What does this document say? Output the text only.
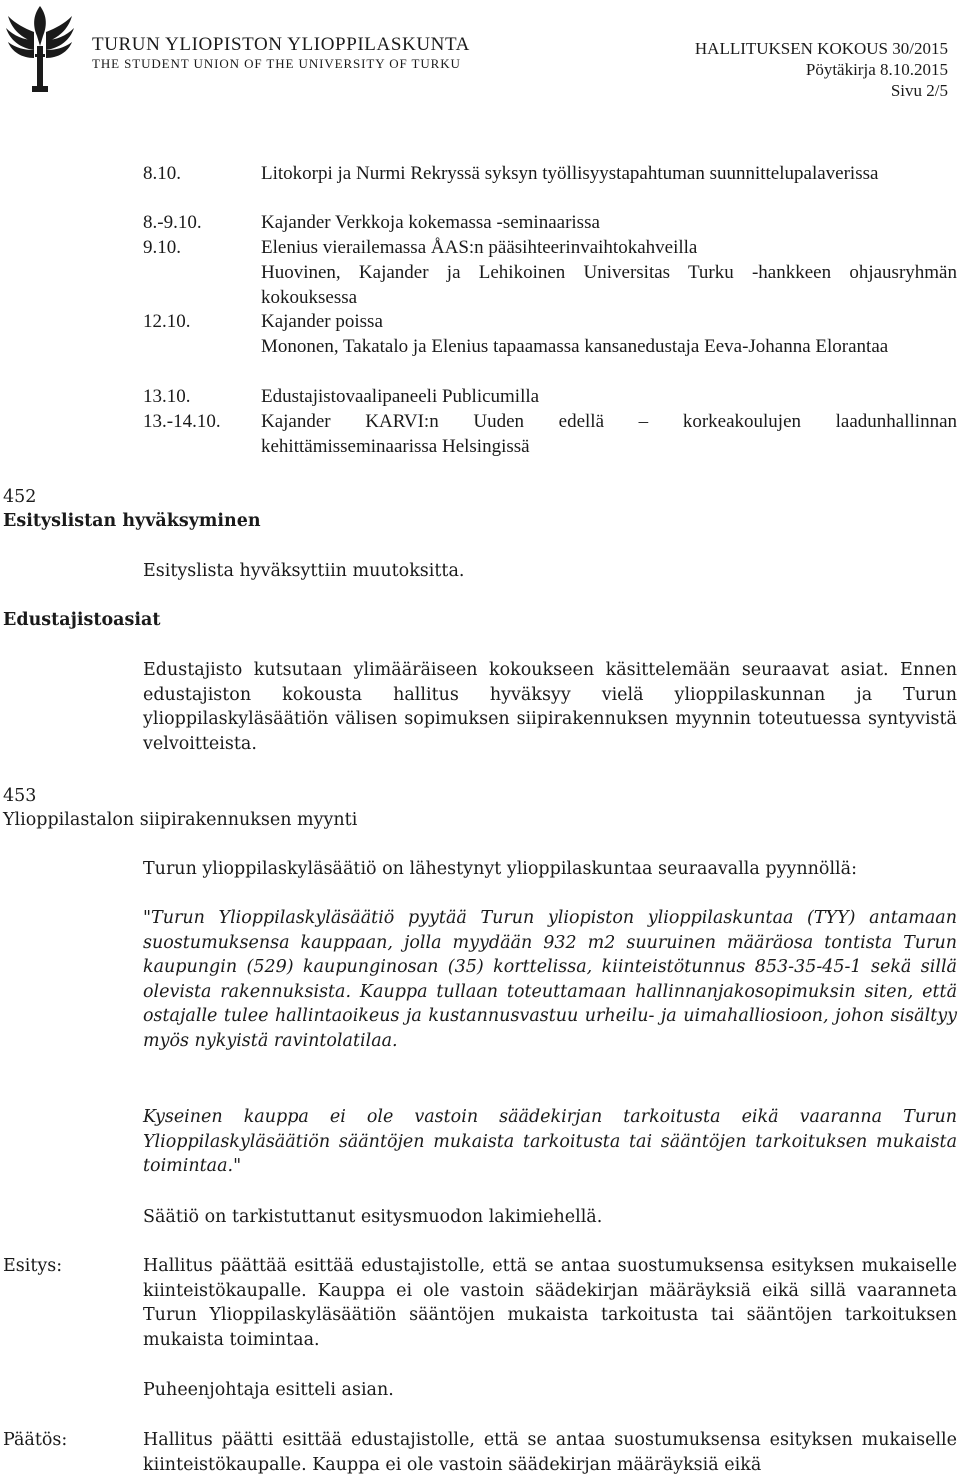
TURUN YLIOPISTON YLIOPPILASKUNTA
THE STUDENT UNION OF THE UNIVERSITY OF TURKU
HALLITUKSEN KOKOUS 30/2015
Pöytäkirja 8.10.2015
Sivu 2/5
8.10.	Litokorpi ja Nurmi Rekryssä syksyn työllisyystapahtuman suunnittelupalaverissa
8.-9.10.	Kajander Verkkoja kokemassa -seminaarissa
9.10.	Elenius vierailemassa ÅAS:n pääsihteerinvaihtokahveilla
Huovinen, Kajander ja Lehikoinen Universitas Turku -hankkeen ohjausryhmän kokouksessa
12.10.	Kajander poissa
Mononen, Takatalo ja Elenius tapaamassa kansanedustaja Eeva-Johanna Elorantaa
13.10.	Edustajistovaalipaneeli Publicumilla
13.-14.10.	Kajander KARVI:n Uuden edellä – korkeakoulujen laadunhallinnan kehittämisseminaarissa Helsingissä
452
Esityslistan hyväksyminen
Esityslista hyväksyttiin muutoksitta.
Edustajistoasiat
Edustajisto kutsutaan ylimääräiseen kokoukseen käsittelemään seuraavat asiat. Ennen edustajiston kokousta hallitus hyväksyy vielä ylioppilaskunnan ja Turun ylioppilaskyläsäätiön välisen sopimuksen siipirakennuksen myynnin toteutuessa syntyvistä velvoitteista.
453
Ylioppilastalon siipirakennuksen myynti
Turun ylioppilaskyläsäätiö on lähestynyt ylioppilaskuntaa seuraavalla pyynnöllä:
"Turun Ylioppilaskyläsäätiö pyytää Turun yliopiston ylioppilaskuntaa (TYY) antamaan suostumuksensa kauppaan, jolla myydään 932 m2 suuruinen määräosa tontista Turun kaupungin (529) kaupunginosan (35) korttelissa, kiinteistötunnus 853-35-45-1 sekä sillä olevista rakennuksista. Kauppa tullaan toteuttamaan hallinnanjakosopimuksin siten, että ostajalle tulee hallintaoikeus ja kustannusvastuu urheilu- ja uimahalliosioon, johon sisältyy myös nykyistä ravintolatilaa.
Kyseinen kauppa ei ole vastoin säädekirjan tarkoitusta eikä vaaranna Turun Ylioppilaskyläsäätiön sääntöjen mukaista tarkoitusta tai sääntöjen tarkoituksen mukaista toimintaa."
Säätiö on tarkistuttanut esitysmuodon lakimiehellä.
Esitys:	Hallitus päättää esittää edustajistolle, että se antaa suostumuksensa esityksen mukaiselle kiinteistökaupalle. Kauppa ei ole vastoin säädekirjan määräyksiä eikä sillä vaaranneta Turun Ylioppilaskyläsäätiön sääntöjen mukaista tarkoitusta tai sääntöjen tarkoituksen mukaista toimintaa.
Puheenjohtaja esitteli asian.
Päätös:	Hallitus päätti esittää edustajistolle, että se antaa suostumuksensa esityksen mukaiselle kiinteistökaupalle. Kauppa ei ole vastoin säädekirjan määräyksiä eikä
